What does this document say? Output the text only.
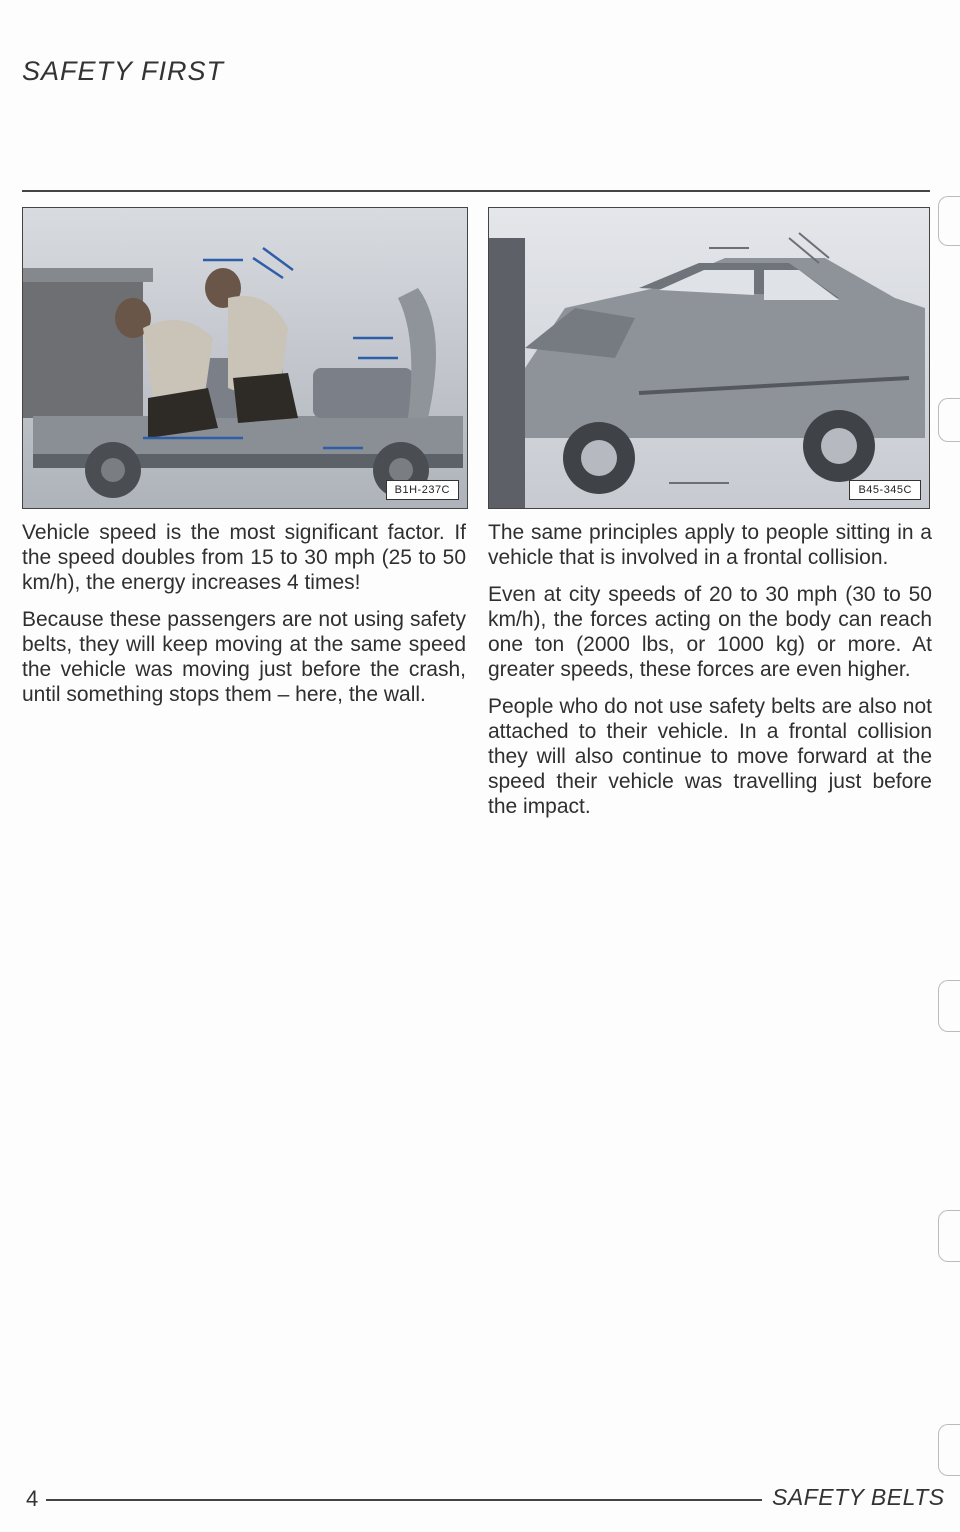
SAFETY FIRST
B1H-237C	B45-345C

Vehicle speed is the most significant factor. If the speed doubles from 15 to 30 mph (25 to 50 km/h), the energy increases 4 times!

Because these passengers are not using safety belts, they will keep moving at the same speed the vehicle was moving just before the crash, until something stops them – here, the wall.

The same principles apply to people sitting in a vehicle that is involved in a frontal collision.

Even at city speeds of 20 to 30 mph (30 to 50 km/h), the forces acting on the body can reach one ton (2000 lbs, or 1000 kg) or more. At greater speeds, these forces are even higher.

People who do not use safety belts are also not attached to their vehicle. In a frontal collision they will also continue to move forward at the speed their vehicle was travelling just before the impact.

4	SAFETY BELTS
